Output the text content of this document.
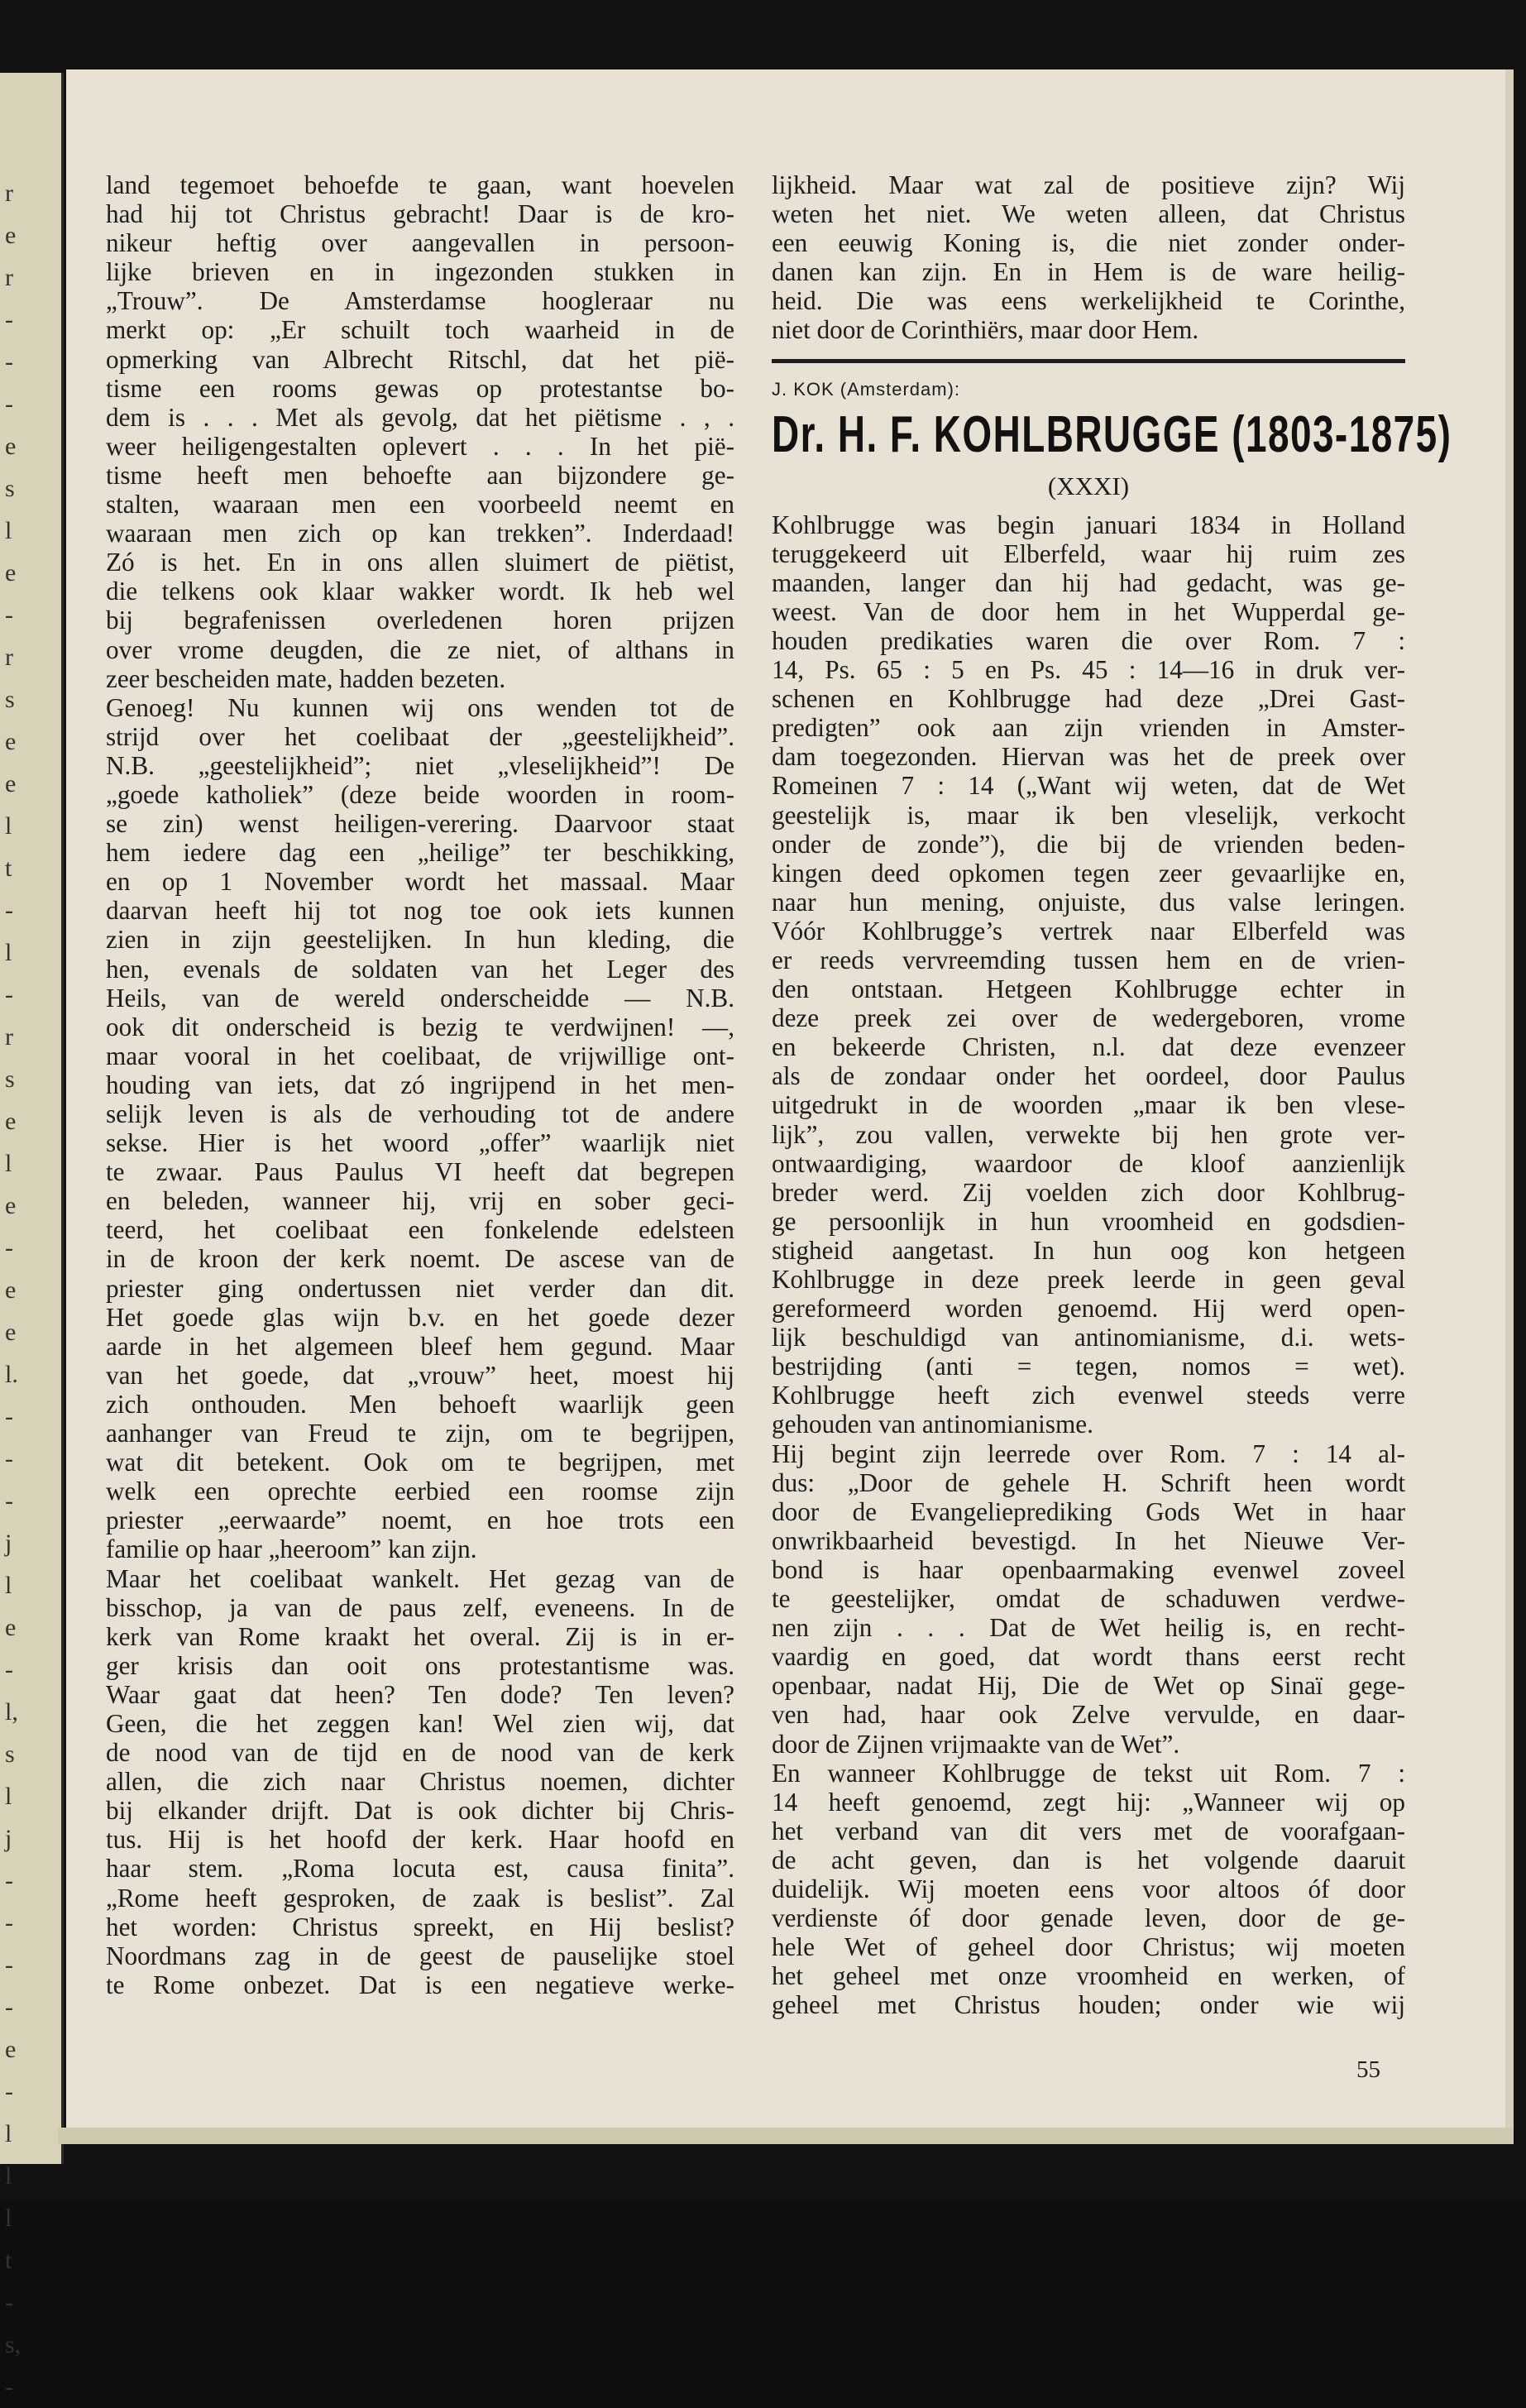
r
e
r
-
-
-
e
s
l
e
-
r
s
e
e
l
t
-
l
-
r
s
e
l
e
-
e
e
l.
-
-
-
j
l
e
-
l,
s
l
j
-
-
-
-
e
-
l
l
l
t
-
s,
-
land tegemoet behoefde te gaan, want hoevelen
had hij tot Christus gebracht! Daar is de kro-
nikeur heftig over aangevallen in persoon-
lijke brieven en in ingezonden stukken in
„Trouw”. De Amsterdamse hoogleraar nu
merkt op: „Er schuilt toch waarheid in de
opmerking van Albrecht Ritschl, dat het pië-
tisme een rooms gewas op protestantse bo-
dem is . . . Met als gevolg, dat het piëtisme . , .
weer heiligengestalten oplevert . . . In het pië-
tisme heeft men behoefte aan bijzondere ge-
stalten, waaraan men een voorbeeld neemt en
waaraan men zich op kan trekken”. Inderdaad!
Zó is het. En in ons allen sluimert de piëtist,
die telkens ook klaar wakker wordt. Ik heb wel
bij begrafenissen overledenen horen prijzen
over vrome deugden, die ze niet, of althans in
zeer bescheiden mate, hadden bezeten.
Genoeg! Nu kunnen wij ons wenden tot de
strijd over het coelibaat der „geestelijkheid”.
N.B. „geestelijkheid”; niet „vleselijkheid”! De
„goede katholiek” (deze beide woorden in room-
se zin) wenst heiligen-verering. Daarvoor staat
hem iedere dag een „heilige” ter beschikking,
en op 1 November wordt het massaal. Maar
daarvan heeft hij tot nog toe ook iets kunnen
zien in zijn geestelijken. In hun kleding, die
hen, evenals de soldaten van het Leger des
Heils, van de wereld onderscheidde — N.B.
ook dit onderscheid is bezig te verdwijnen! —,
maar vooral in het coelibaat, de vrijwillige ont-
houding van iets, dat zó ingrijpend in het men-
selijk leven is als de verhouding tot de andere
sekse. Hier is het woord „offer” waarlijk niet
te zwaar. Paus Paulus VI heeft dat begrepen
en beleden, wanneer hij, vrij en sober geci-
teerd, het coelibaat een fonkelende edelsteen
in de kroon der kerk noemt. De ascese van de
priester ging ondertussen niet verder dan dit.
Het goede glas wijn b.v. en het goede dezer
aarde in het algemeen bleef hem gegund. Maar
van het goede, dat „vrouw” heet, moest hij
zich onthouden. Men behoeft waarlijk geen
aanhanger van Freud te zijn, om te begrijpen,
wat dit betekent. Ook om te begrijpen, met
welk een oprechte eerbied een roomse zijn
priester „eerwaarde” noemt, en hoe trots een
familie op haar „heeroom” kan zijn.
Maar het coelibaat wankelt. Het gezag van de
bisschop, ja van de paus zelf, eveneens. In de
kerk van Rome kraakt het overal. Zij is in er-
ger krisis dan ooit ons protestantisme was.
Waar gaat dat heen? Ten dode? Ten leven?
Geen, die het zeggen kan! Wel zien wij, dat
de nood van de tijd en de nood van de kerk
allen, die zich naar Christus noemen, dichter
bij elkander drijft. Dat is ook dichter bij Chris-
tus. Hij is het hoofd der kerk. Haar hoofd en
haar stem. „Roma locuta est, causa finita”.
„Rome heeft gesproken, de zaak is beslist”. Zal
het worden: Christus spreekt, en Hij beslist?
Noordmans zag in de geest de pauselijke stoel
te Rome onbezet. Dat is een negatieve werke-
lijkheid. Maar wat zal de positieve zijn? Wij
weten het niet. We weten alleen, dat Christus
een eeuwig Koning is, die niet zonder onder-
danen kan zijn. En in Hem is de ware heilig-
heid. Die was eens werkelijkheid te Corinthe,
niet door de Corinthiërs, maar door Hem.
J. KOK (Amsterdam):
Dr. H. F. KOHLBRUGGE (1803-1875)
(XXXI)
Kohlbrugge was begin januari 1834 in Holland
teruggekeerd uit Elberfeld, waar hij ruim zes
maanden, langer dan hij had gedacht, was ge-
weest. Van de door hem in het Wupperdal ge-
houden predikaties waren die over Rom. 7 :
14, Ps. 65 : 5 en Ps. 45 : 14—16 in druk ver-
schenen en Kohlbrugge had deze „Drei Gast-
predigten” ook aan zijn vrienden in Amster-
dam toegezonden. Hiervan was het de preek over
Romeinen 7 : 14 („Want wij weten, dat de Wet
geestelijk is, maar ik ben vleselijk, verkocht
onder de zonde”), die bij de vrienden beden-
kingen deed opkomen tegen zeer gevaarlijke en,
naar hun mening, onjuiste, dus valse leringen.
Vóór Kohlbrugge’s vertrek naar Elberfeld was
er reeds vervreemding tussen hem en de vrien-
den ontstaan. Hetgeen Kohlbrugge echter in
deze preek zei over de wedergeboren, vrome
en bekeerde Christen, n.l. dat deze evenzeer
als de zondaar onder het oordeel, door Paulus
uitgedrukt in de woorden „maar ik ben vlese-
lijk”, zou vallen, verwekte bij hen grote ver-
ontwaardiging, waardoor de kloof aanzienlijk
breder werd. Zij voelden zich door Kohlbrug-
ge persoonlijk in hun vroomheid en godsdien-
stigheid aangetast. In hun oog kon hetgeen
Kohlbrugge in deze preek leerde in geen geval
gereformeerd worden genoemd. Hij werd open-
lijk beschuldigd van antinomianisme, d.i. wets-
bestrijding (anti = tegen, nomos = wet).
Kohlbrugge heeft zich evenwel steeds verre
gehouden van antinomianisme.
Hij begint zijn leerrede over Rom. 7 : 14 al-
dus: „Door de gehele H. Schrift heen wordt
door de Evangelieprediking Gods Wet in haar
onwrikbaarheid bevestigd. In het Nieuwe Ver-
bond is haar openbaarmaking evenwel zoveel
te geestelijker, omdat de schaduwen verdwe-
nen zijn . . . Dat de Wet heilig is, en recht-
vaardig en goed, dat wordt thans eerst recht
openbaar, nadat Hij, Die de Wet op Sinaï gege-
ven had, haar ook Zelve vervulde, en daar-
door de Zijnen vrijmaakte van de Wet”.
En wanneer Kohlbrugge de tekst uit Rom. 7 :
14 heeft genoemd, zegt hij: „Wanneer wij op
het verband van dit vers met de voorafgaan-
de acht geven, dan is het volgende daaruit
duidelijk. Wij moeten eens voor altoos óf door
verdienste óf door genade leven, door de ge-
hele Wet of geheel door Christus; wij moeten
het geheel met onze vroomheid en werken, of
geheel met Christus houden; onder wie wij
55
